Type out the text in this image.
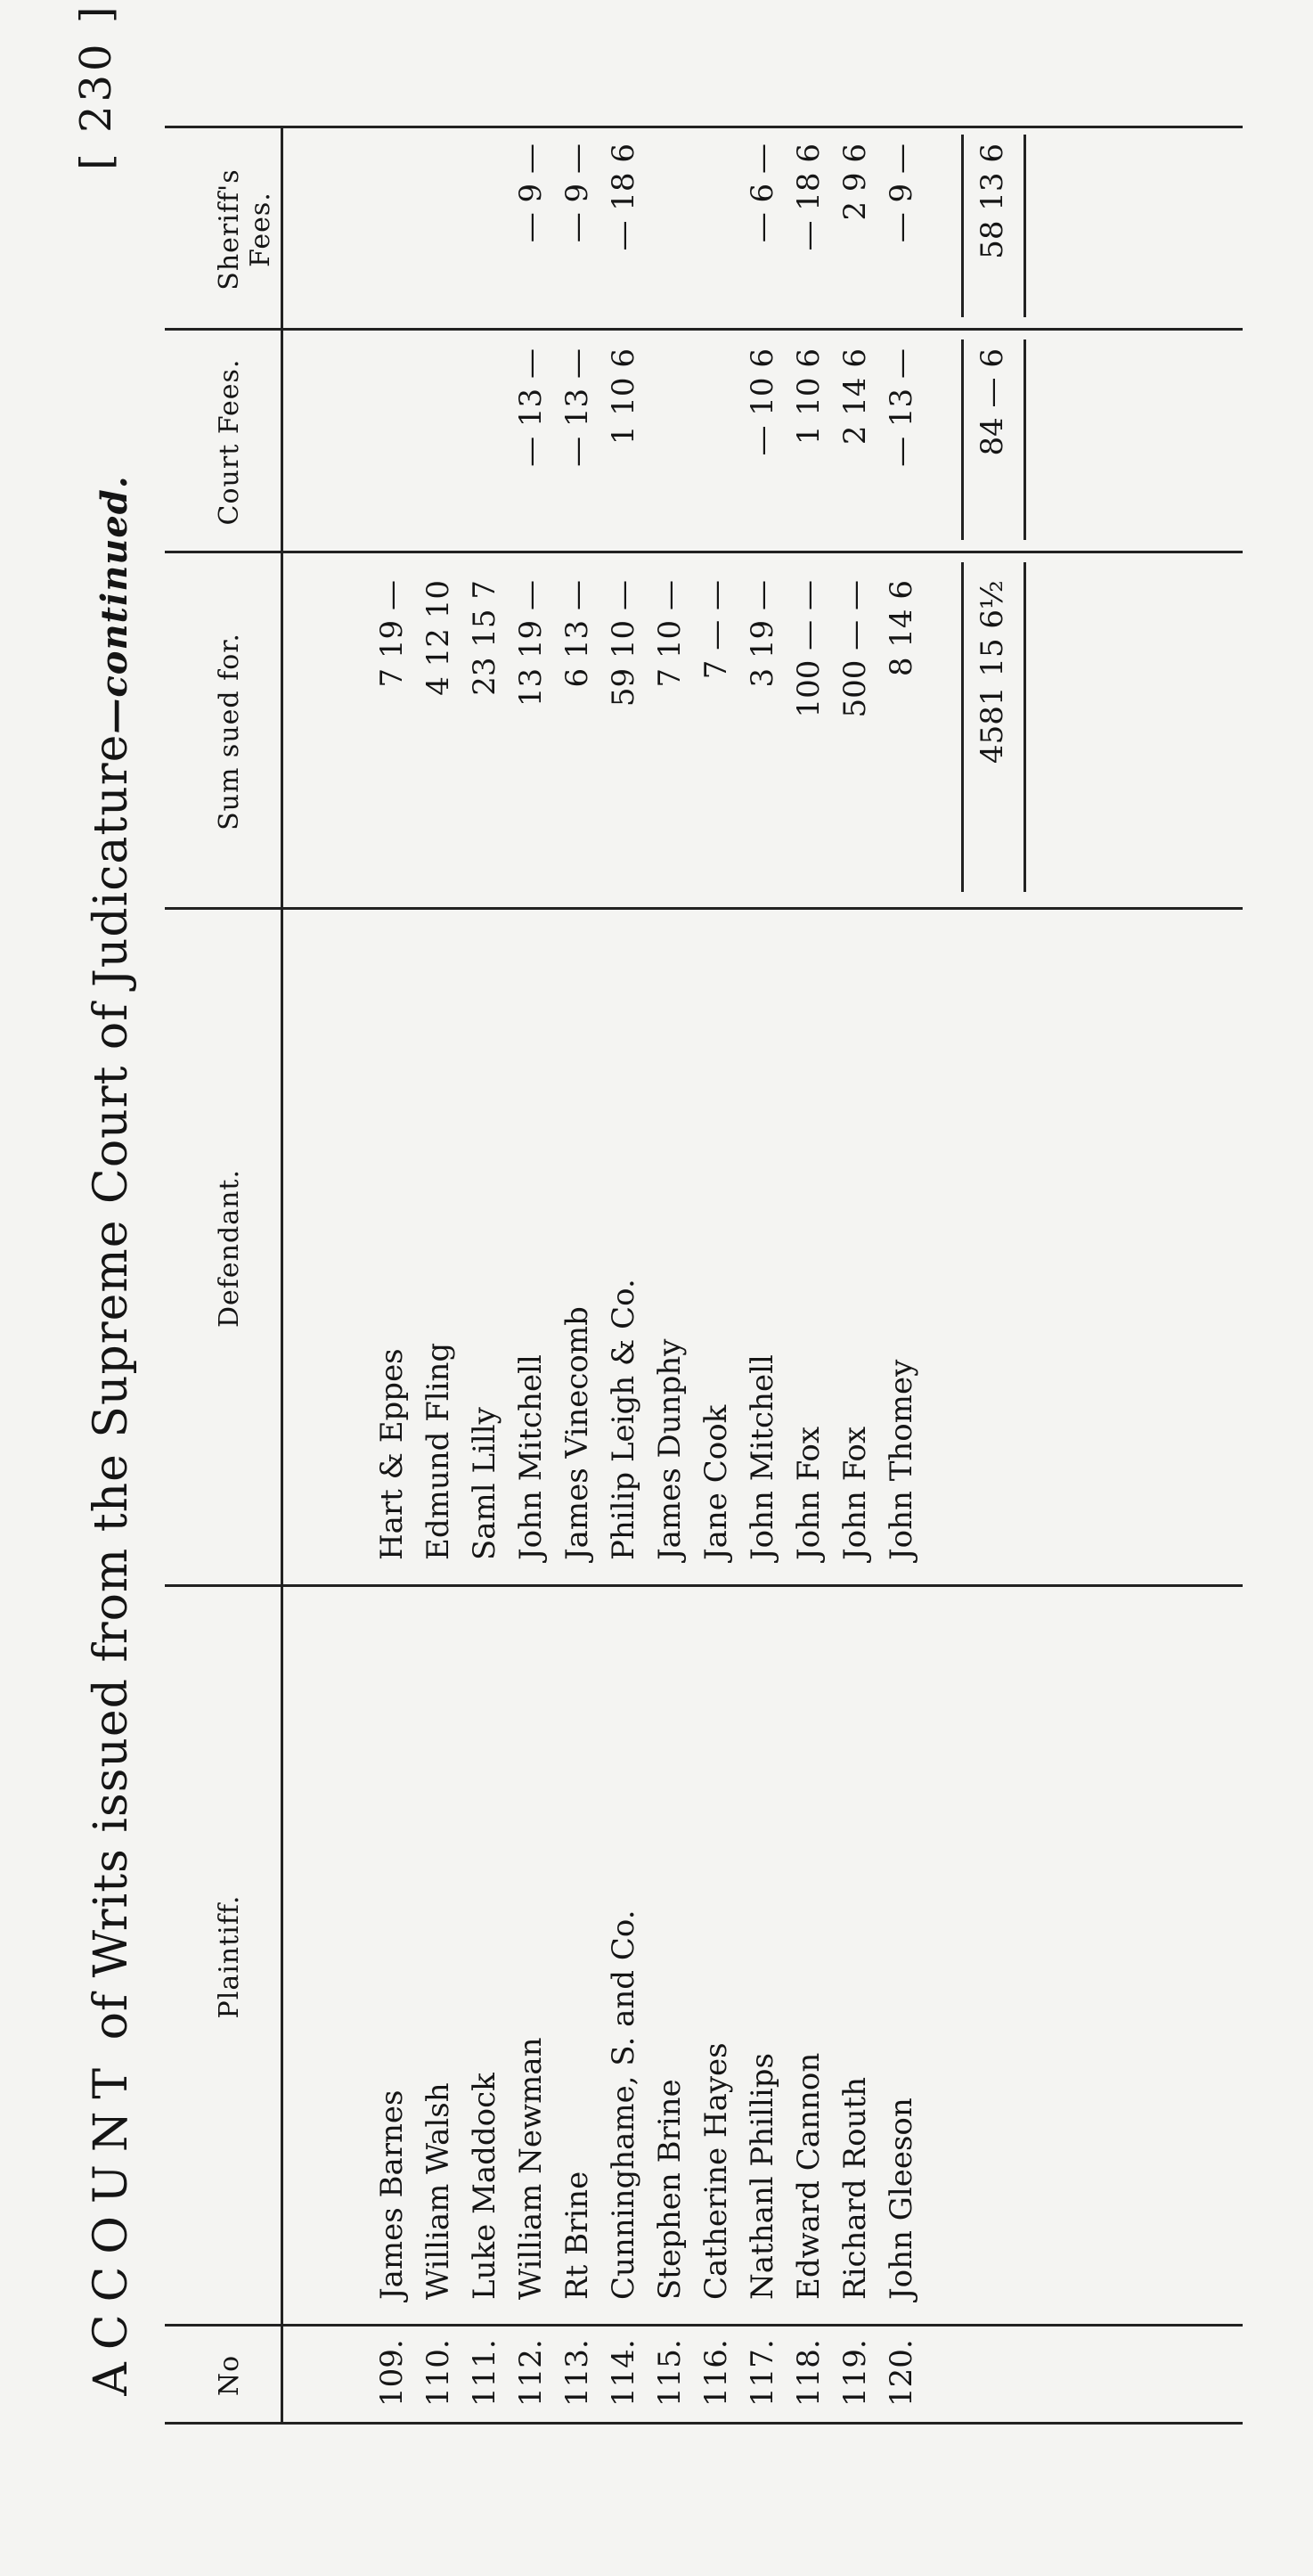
[ 230 ]
ACCOUNT of Writs issued from the Supreme Court of Judicature—continued.
No
Plaintiff.
Defendant.
Sum sued for.
Court Fees.
Sheriff's Fees.
109.
James Barnes
Hart & Eppes
7 19 —
110.
William Walsh
Edmund Fling
4 12 10
111.
Luke Maddock
Saml Lilly
23 15 7
112.
William Newman
John Mitchell
13 19 —
— 13 —
— 9 —
113.
Rt Brine
James Vinecomb
6 13 —
— 13 —
— 9 —
114.
Cunninghame, S. and Co.
Philip Leigh & Co.
59 10 —
1 10 6
— 18 6
115.
Stephen Brine
James Dunphy
7 10 —
116.
Catherine Hayes
Jane Cook
7 — —
117.
Nathanl Phillips
John Mitchell
3 19 —
— 10 6
— 6 —
118.
Edward Cannon
John Fox
100 — —
1 10 6
— 18 6
119.
Richard Routh
John Fox
500 — —
2 14 6
2 9 6
120.
John Gleeson
John Thomey
8 14 6
— 13 —
— 9 —
4581 15 6½
84 — 6
58 13 6
